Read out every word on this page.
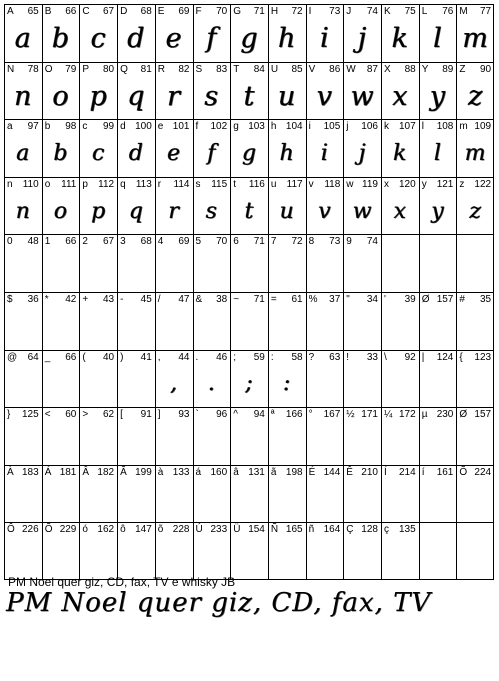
A 65
a
B 66
b
C 67
c
D 68
d
E 69
e
F 70
f
G 71
g
H 72
h
I 73
i
J 74
j
K 75
k
L 76
l
M 77
m
N 78
n
O 79
o
P 80
p
Q 81
q
R 82
r
S 83
s
T 84
t
U 85
u
V 86
v
W 87
w
X 88
x
Y 89
y
Z 90
z
a 97
a
b 98
b
c 99
c
d 100
d
e 101
e
f 102
f
g 103
g
h 104
h
i 105
i
j 106
j
k 107
k
l 108
l
m 109
m
n 110
n
o 111
o
p 112
p
q 113
q
r 114
r
s 115
s
t 116
t
u 117
u
v 118
v
w 119
w
x 120
x
y 121
y
z 122
z
0 48 1 66 2 67 3 68 4 69 5 70 6 71 7 72 8 73 9 74
$ 36 * 42 + 43 - 45 / 47 & 38 ~ 71 = 61 % 37 " 34 ' 39 Ø 157 # 35
@ 64 _ 66 ( 40 ) 41 , 44
,
. 46
.
; 59
;
: 58
:
? 63 ! 33 \ 92 | 124 { 123
} 125 < 60 > 62 [ 91 ] 93 ` 96 ^ 94 ª 166 ° 167 ½ 171 ¼ 172 µ 230 Ø 157
À 183 Á 181 Â 182 Ã 199 à 133 á 160 â 131 ã 198 É 144 Ê 210 Í 214 í 161 Õ 224
Ô 226 Õ 229 ó 162 ô 147 õ 228 Ú 233 Ü 154 Ñ 165 ñ 164 Ç 128 ç 135
PM Noel quer giz, CD, fax, TV e whisky JB
PM Noel quer giz, CD, fax, TV
